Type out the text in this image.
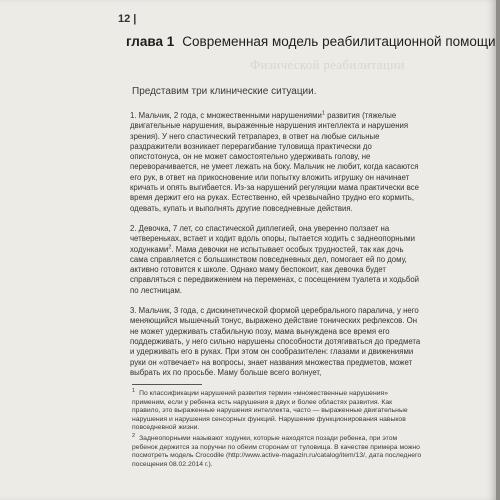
12 |
глава 1 Современная модель реабилитационной помощи
Физической реабилитации

Представим три клинические ситуации.

1. Мальчик, 2 года, с множественными нарушениями$^1$ развития (тяжелые двигательные нарушения, выраженные нарушения интеллекта и нарушения зрения). У него спастический тетрапарез, в ответ на любые сильные раздражители возникает перерагибание туловища практически до опистотонуса, он не может самостоятельно удерживать голову, не переворачивается, не умеет лежать на боку. Мальчик не любит, когда касаются его рук, в ответ на прикосновение или попытку вложить игрушку он начинает кричать и опять выгибается. Из-за нарушений регуляции мама практически все время держит его на руках. Естественно, ей чрезвычайно трудно его кормить, одевать, купать и выполнять другие повседневные действия.

2. Девочка, 7 лет, со спастической диплегией, она уверенно ползает на четвереньках, встает и ходит вдоль опоры, пытается ходить с заднеопорными ходунками$^2$. Мама девочки не испытывает особых трудностей, так как дочь сама справляется с большинством повседневных дел, помогает ей по дому, активно готовится к школе. Однако маму беспокоит, как девочка будет справляться с передвижением на переменах, с посещением туалета и ходьбой по лестницам.

3. Мальчик, 3 года, с дискинетической формой церебрального паралича, у него меняющийся мышечный тонус, выражено действие тонических рефлексов. Он не может удерживать стабильную позу, мама вынуждена все время его поддерживать, у него сильно нарушены способности дотягиваться до предмета и удерживать его в руках. При этом он сообразителен: глазами и движениями руки он «отвечает» на вопросы, знает названия множества предметов, может выбрать их по просьбе. Маму больше всего волнует,

$^1$ По классификации нарушений развития термин «множественные нарушения» применим, если у ребенка есть нарушения в двух и более областях развития. Как правило, это выраженные нарушения интеллекта, часто — выраженные двигательные нарушения и нарушения сенсорных функций. Нарушение функционирования навыков повседневной жизни.

$^2$ Заднеопорными называют ходунки, которые находятся позади ребенка, при этом ребенок держится за поручни по обеим сторонам от туловища. В качестве примера можно посмотреть модель Crocodile (http://www.active-magazin.ru/catalog/item/13/, дата последнего посещения 08.02.2014 г.).
